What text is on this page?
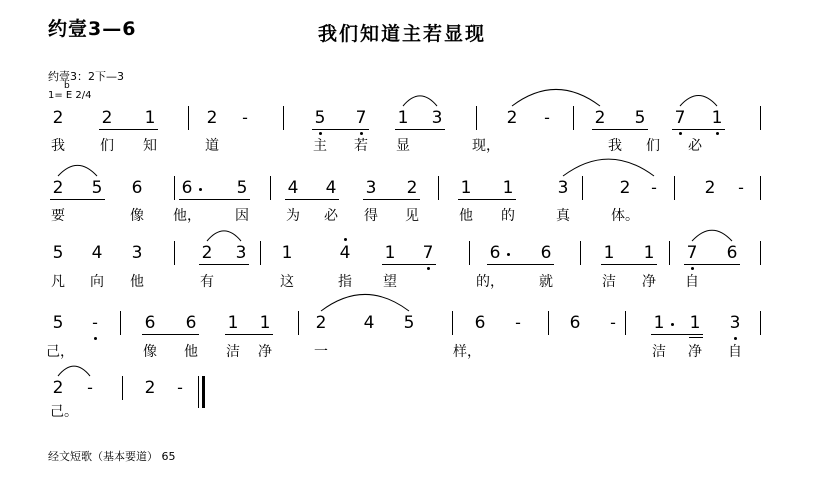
约壹3—6	我们知道主若显现
约壹3：2下—3
1= E 2/4
b
2 2 1	2 -	5 7 1 3	2 -	2 5 7 1
我	们 知	道	主 若 显	现，	我 们 必
2 5 6 6	5 4 4 3 2	1 1	3	2 -	2 -
要	像 他， 因	为 必 得 见	他 的	真	体。
5 4 3	2 3 1	4 1 7	6 6	1 1 7 6
凡 向 他	有	这	指 望	的，	就	洁 净 自
5 -	6 6 1 1	2 4 5	6 -	6 - 1 1 3
己，	像 他 洁 净	一	样，	洁 净 自
2 -	2 -
己。
经文短歌（基本要道） 65
